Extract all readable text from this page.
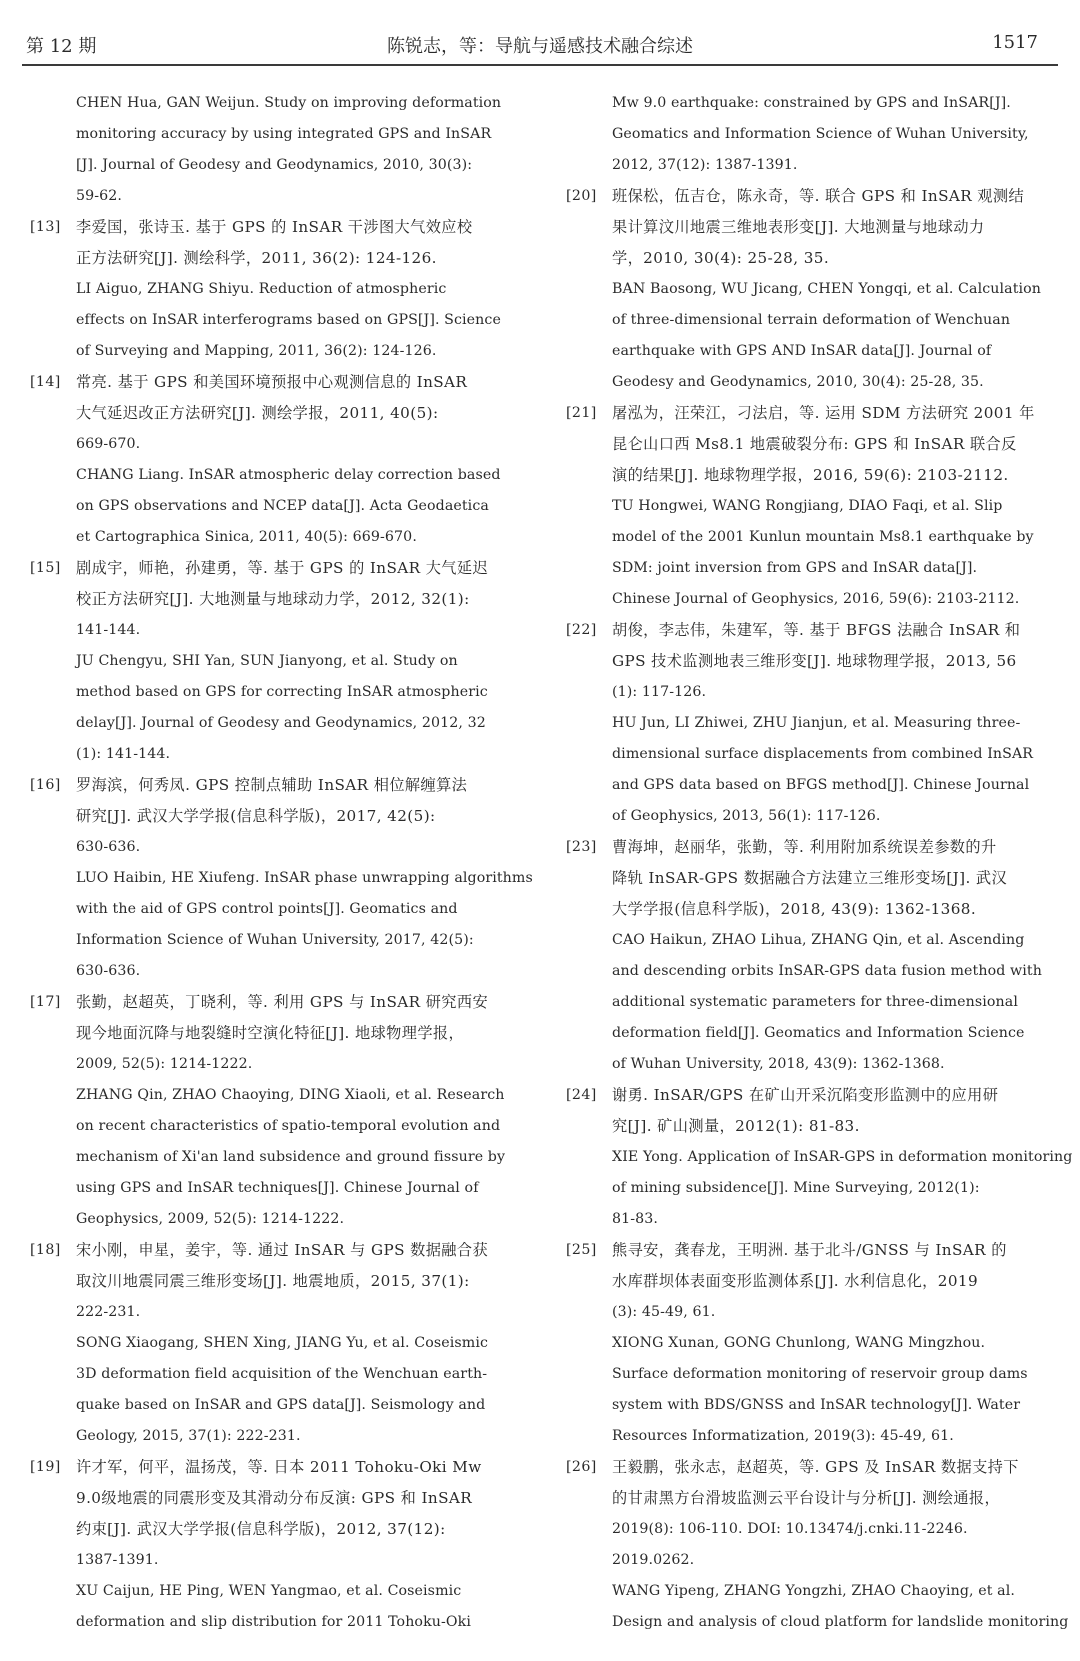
第 12 期	陈锐志，等：导航与遥感技术融合综述	1517
CHEN Hua, GAN Weijun. Study on improving deformation
monitoring accuracy by using integrated GPS and InSAR
[J]. Journal of Geodesy and Geodynamics, 2010, 30(3):
59-62.
[13] 李爱国，张诗玉. 基于 GPS 的 InSAR 干涉图大气效应校
正方法研究[J]. 测绘科学，2011, 36(2): 124-126.
LI Aiguo, ZHANG Shiyu. Reduction of atmospheric
effects on InSAR interferograms based on GPS[J]. Science
of Surveying and Mapping, 2011, 36(2): 124-126.
[14] 常亮. 基于 GPS 和美国环境预报中心观测信息的 InSAR
大气延迟改正方法研究[J]. 测绘学报，2011, 40(5):
669-670.
CHANG Liang. InSAR atmospheric delay correction based
on GPS observations and NCEP data[J]. Acta Geodaetica
et Cartographica Sinica, 2011, 40(5): 669-670.
[15] 剧成宇，师艳，孙建勇，等. 基于 GPS 的 InSAR 大气延迟
校正方法研究[J]. 大地测量与地球动力学，2012, 32(1):
141-144.
JU Chengyu, SHI Yan, SUN Jianyong, et al. Study on
method based on GPS for correcting InSAR atmospheric
delay[J]. Journal of Geodesy and Geodynamics, 2012, 32
(1): 141-144.
[16] 罗海滨，何秀凤. GPS 控制点辅助 InSAR 相位解缠算法
研究[J]. 武汉大学学报(信息科学版)，2017, 42(5):
630-636.
LUO Haibin, HE Xiufeng. InSAR phase unwrapping algorithms
with the aid of GPS control points[J]. Geomatics and
Information Science of Wuhan University, 2017, 42(5):
630-636.
[17] 张勤，赵超英，丁晓利，等. 利用 GPS 与 InSAR 研究西安
现今地面沉降与地裂缝时空演化特征[J]. 地球物理学报，
2009, 52(5): 1214-1222.
ZHANG Qin, ZHAO Chaoying, DING Xiaoli, et al. Research
on recent characteristics of spatio-temporal evolution and
mechanism of Xi'an land subsidence and ground fissure by
using GPS and InSAR techniques[J]. Chinese Journal of
Geophysics, 2009, 52(5): 1214-1222.
[18] 宋小刚，申星，姜宇，等. 通过 InSAR 与 GPS 数据融合获
取汶川地震同震三维形变场[J]. 地震地质，2015, 37(1):
222-231.
SONG Xiaogang, SHEN Xing, JIANG Yu, et al. Coseismic
3D deformation field acquisition of the Wenchuan earth-
quake based on InSAR and GPS data[J]. Seismology and
Geology, 2015, 37(1): 222-231.
[19] 许才军，何平，温扬茂，等. 日本 2011 Tohoku-Oki Mw
9.0级地震的同震形变及其滑动分布反演: GPS 和 InSAR
约束[J]. 武汉大学学报(信息科学版)，2012, 37(12):
1387-1391.
XU Caijun, HE Ping, WEN Yangmao, et al. Coseismic
deformation and slip distribution for 2011 Tohoku-Oki
Mw 9.0 earthquake: constrained by GPS and InSAR[J].
Geomatics and Information Science of Wuhan University,
2012, 37(12): 1387-1391.
[20] 班保松，伍吉仓，陈永奇，等. 联合 GPS 和 InSAR 观测结
果计算汶川地震三维地表形变[J]. 大地测量与地球动力
学，2010, 30(4): 25-28, 35.
BAN Baosong, WU Jicang, CHEN Yongqi, et al. Calculation
of three-dimensional terrain deformation of Wenchuan
earthquake with GPS AND InSAR data[J]. Journal of
Geodesy and Geodynamics, 2010, 30(4): 25-28, 35.
[21] 屠泓为，汪荣江，刁法启，等. 运用 SDM 方法研究 2001 年
昆仑山口西 Ms8.1 地震破裂分布: GPS 和 InSAR 联合反
演的结果[J]. 地球物理学报，2016, 59(6): 2103-2112.
TU Hongwei, WANG Rongjiang, DIAO Faqi, et al. Slip
model of the 2001 Kunlun mountain Ms8.1 earthquake by
SDM: joint inversion from GPS and InSAR data[J].
Chinese Journal of Geophysics, 2016, 59(6): 2103-2112.
[22] 胡俊，李志伟，朱建军，等. 基于 BFGS 法融合 InSAR 和
GPS 技术监测地表三维形变[J]. 地球物理学报，2013, 56
(1): 117-126.
HU Jun, LI Zhiwei, ZHU Jianjun, et al. Measuring three-
dimensional surface displacements from combined InSAR
and GPS data based on BFGS method[J]. Chinese Journal
of Geophysics, 2013, 56(1): 117-126.
[23] 曹海坤，赵丽华，张勤，等. 利用附加系统误差参数的升
降轨 InSAR-GPS 数据融合方法建立三维形变场[J]. 武汉
大学学报(信息科学版)，2018, 43(9): 1362-1368.
CAO Haikun, ZHAO Lihua, ZHANG Qin, et al. Ascending
and descending orbits InSAR-GPS data fusion method with
additional systematic parameters for three-dimensional
deformation field[J]. Geomatics and Information Science
of Wuhan University, 2018, 43(9): 1362-1368.
[24] 谢勇. InSAR/GPS 在矿山开采沉陷变形监测中的应用研
究[J]. 矿山测量，2012(1): 81-83.
XIE Yong. Application of InSAR-GPS in deformation monitoring
of mining subsidence[J]. Mine Surveying, 2012(1):
81-83.
[25] 熊寻安，龚春龙，王明洲. 基于北斗/GNSS 与 InSAR 的
水库群坝体表面变形监测体系[J]. 水利信息化，2019
(3): 45-49, 61.
XIONG Xunan, GONG Chunlong, WANG Mingzhou.
Surface deformation monitoring of reservoir group dams
system with BDS/GNSS and InSAR technology[J]. Water
Resources Informatization, 2019(3): 45-49, 61.
[26] 王毅鹏，张永志，赵超英，等. GPS 及 InSAR 数据支持下
的甘肃黑方台滑坡监测云平台设计与分析[J]. 测绘通报，
2019(8): 106-110. DOI: 10.13474/j.cnki.11-2246.
2019.0262.
WANG Yipeng, ZHANG Yongzhi, ZHAO Chaoying, et al.
Design and analysis of cloud platform for landslide monitoring
